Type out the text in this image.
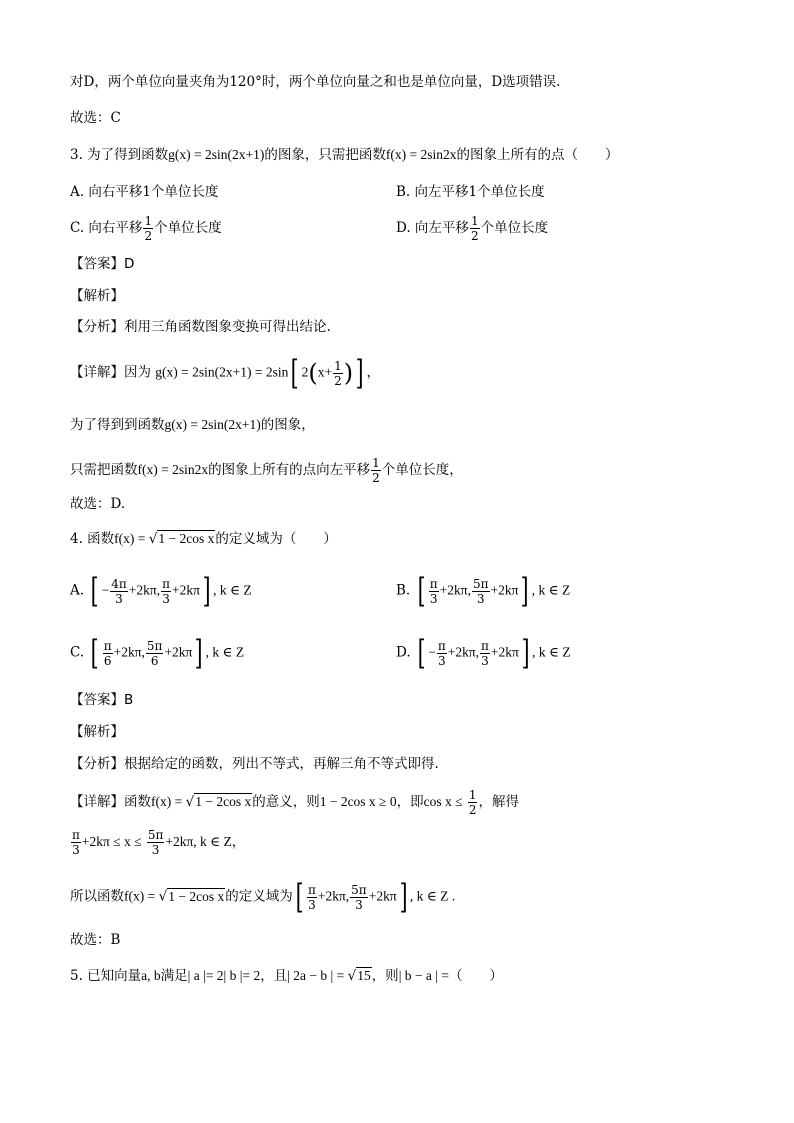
对D，两个单位向量夹角为120°时，两个单位向量之和也是单位向量，D选项错误.
故选：C
3. 为了得到函数g(x) = 2sin(2x+1)的图象，只需把函数f(x) = 2sin2x的图象上所有的点（　　）
A. 向右平移1个单位长度	B. 向左平移1个单位长度
C. 向右平移 $\frac{1}{2}$ 个单位长度	D. 向左平移 $\frac{1}{2}$ 个单位长度
【答案】D
【解析】
【分析】利用三角函数图象变换可得出结论.
【详解】因为 g(x) = 2sin(2x+1) = 2sin[ $2(x+ \frac{1}{2}$ )] ，
为了得到到函数g(x) = 2sin(2x+1)的图象，
只需把函数f(x) = 2sin2x的图象上所有的点向左平移 $\frac{1}{2}$ 个单位长度，
故选：D.
4. 函数f(x) = √1 − 2cos x的定义域为（　　）
A. [ − $\frac{4\pi}{3} +2k\pi$, $\frac{\pi}{3} +2k\pi$] , k ∈ Z	B. [ $\frac{\pi}{3} +2k\pi$, $\frac{5\pi}{3} +2k\pi$] , k ∈ Z
C. [ $\frac{\pi}{6} +2k\pi$, $\frac{5\pi}{6} +2k\pi$] , k ∈ Z	D. [ − $\frac{\pi}{3} +2k\pi$, $\frac{\pi}{3} +2k\pi$] , k ∈ Z
【答案】B
【解析】
【分析】根据给定的函数，列出不等式，再解三角不等式即得.
【详解】函数f(x) = √1 − 2cos x的意义，则1 − 2cos x ≥ 0，即$\cos x \le \frac{1}{2}$ ，解得
$\frac{\pi}{3} +2k\pi \le x \le \frac{5\pi}{3} +2k\pi$, k ∈ Z，
所以函数f(x) = √1 − 2cos x的定义域为[ $\frac{\pi}{3} +2k\pi$, $\frac{5\pi}{3} +2k\pi$] , k ∈ Z .
故选：B
5. 已知向量a, b满足| a |= 2| b |= 2，且| 2a − b | = √15，则| b − a | =（　　）
